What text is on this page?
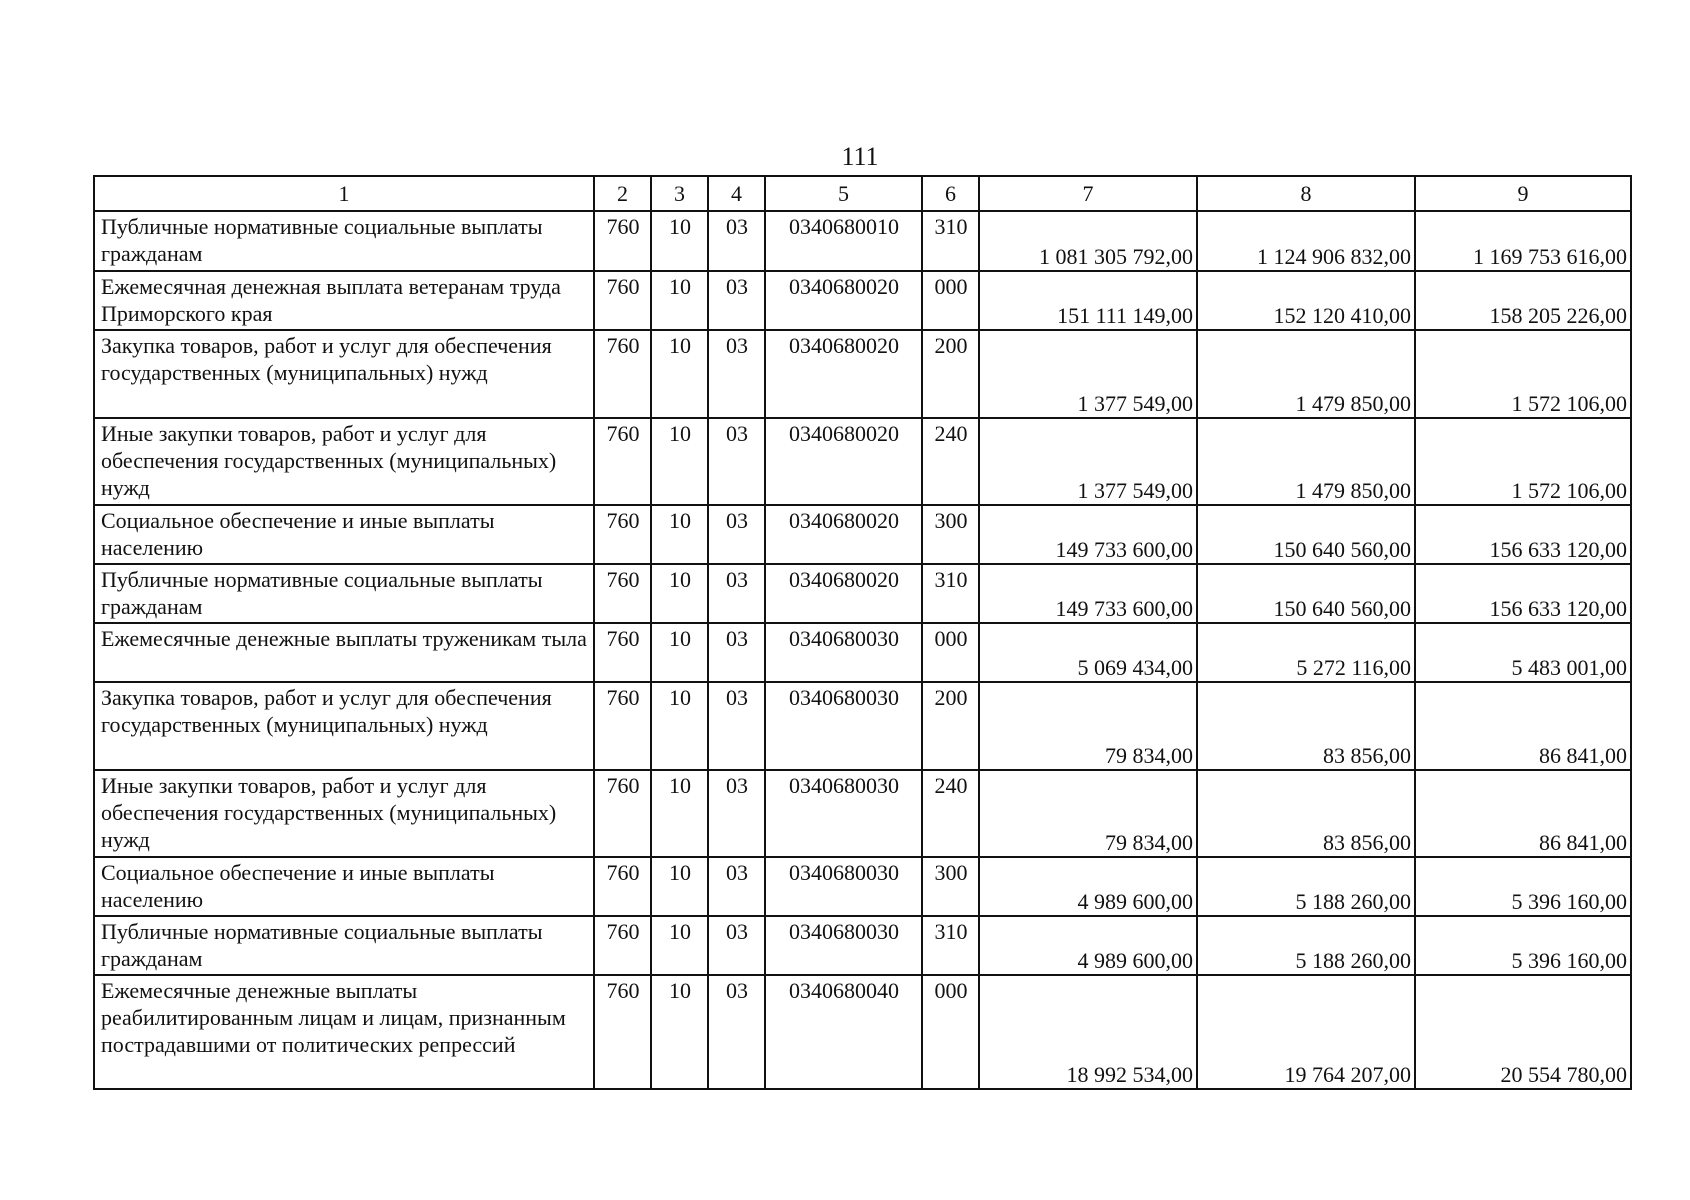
111
1	2	3	4	5	6	7	8	9
Публичные нормативные социальные выплаты гражданам	760	10	03	0340680010	310	1 081 305 792,00	1 124 906 832,00	1 169 753 616,00
Ежемесячная денежная выплата ветеранам труда Приморского края	760	10	03	0340680020	000	151 111 149,00	152 120 410,00	158 205 226,00
Закупка товаров, работ и услуг для обеспечения государственных (муниципальных) нужд	760	10	03	0340680020	200	1 377 549,00	1 479 850,00	1 572 106,00
Иные закупки товаров, работ и услуг для обеспечения государственных (муниципальных) нужд	760	10	03	0340680020	240	1 377 549,00	1 479 850,00	1 572 106,00
Социальное обеспечение и иные выплаты населению	760	10	03	0340680020	300	149 733 600,00	150 640 560,00	156 633 120,00
Публичные нормативные социальные выплаты гражданам	760	10	03	0340680020	310	149 733 600,00	150 640 560,00	156 633 120,00
Ежемесячные денежные выплаты труженикам тыла	760	10	03	0340680030	000	5 069 434,00	5 272 116,00	5 483 001,00
Закупка товаров, работ и услуг для обеспечения государственных (муниципальных) нужд	760	10	03	0340680030	200	79 834,00	83 856,00	86 841,00
Иные закупки товаров, работ и услуг для обеспечения государственных (муниципальных) нужд	760	10	03	0340680030	240	79 834,00	83 856,00	86 841,00
Социальное обеспечение и иные выплаты населению	760	10	03	0340680030	300	4 989 600,00	5 188 260,00	5 396 160,00
Публичные нормативные социальные выплаты гражданам	760	10	03	0340680030	310	4 989 600,00	5 188 260,00	5 396 160,00
Ежемесячные денежные выплаты реабилитированным лицам и лицам, признанным пострадавшими от политических репрессий	760	10	03	0340680040	000	18 992 534,00	19 764 207,00	20 554 780,00
